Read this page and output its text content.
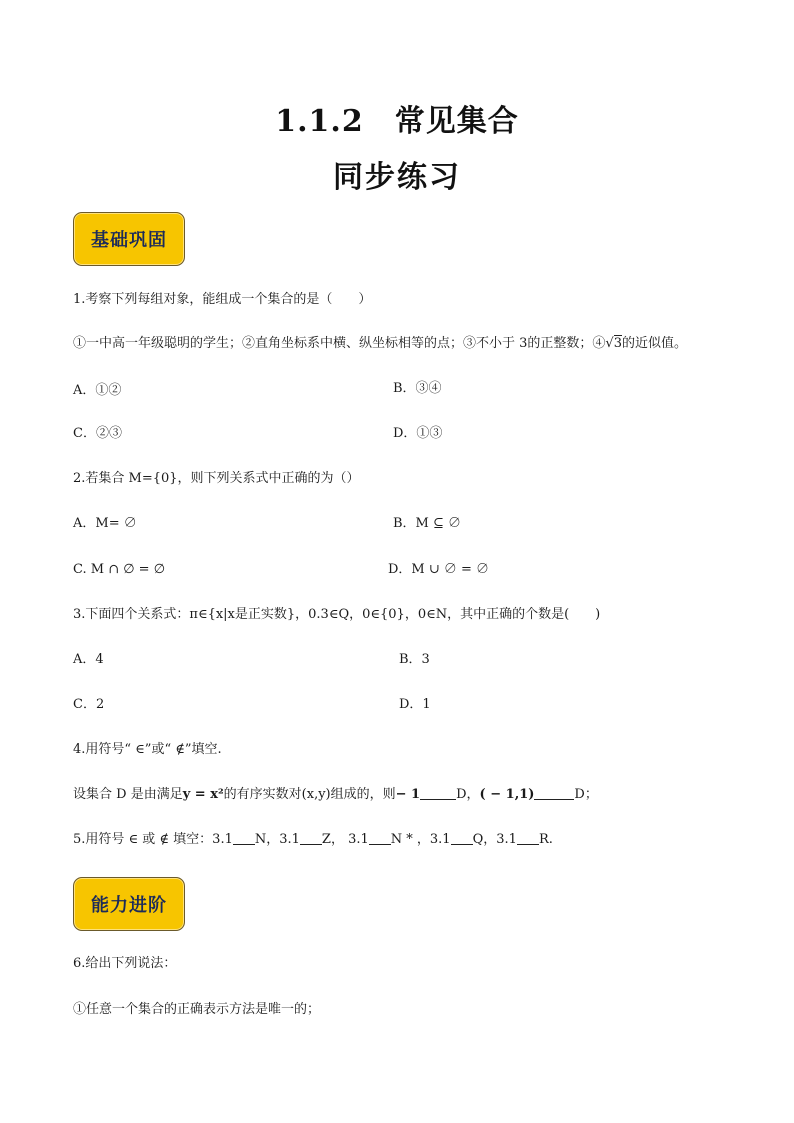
1.1.2　常见集合
同步练习
基础巩固
1.考察下列每组对象，能组成一个集合的是（　　）
①一中高一年级聪明的学生；②直角坐标系中横、纵坐标相等的点；③不小于 3的正整数；④√3的近似值。
A．①②	B．③④
C．②③	D．①③
2.若集合 M={0}，则下列关系式中正确的为（）
A．M= ∅	B．M ⊆ ∅
C. M ∩ ∅ = ∅	D．M ∪ ∅ = ∅
3.下面四个关系式：π∈{x|x是正实数}，0.3∈Q，0∈{0}，0∈N，其中正确的个数是(　　)
A．4	B．3
C．2	D．1
4.用符号“ ∈”或“ ∉”填空.
设集合 D 是由满足y = x²的有序实数对(x,y)组成的，则− 1	D，( − 1,1)	D；
5.用符号 ∈ 或 ∉ 填空：3.1 N，3.1 Z， 3.1 N * ，3.1 Q，3.1 R.
能力进阶
6.给出下列说法：
①任意一个集合的正确表示方法是唯一的；
